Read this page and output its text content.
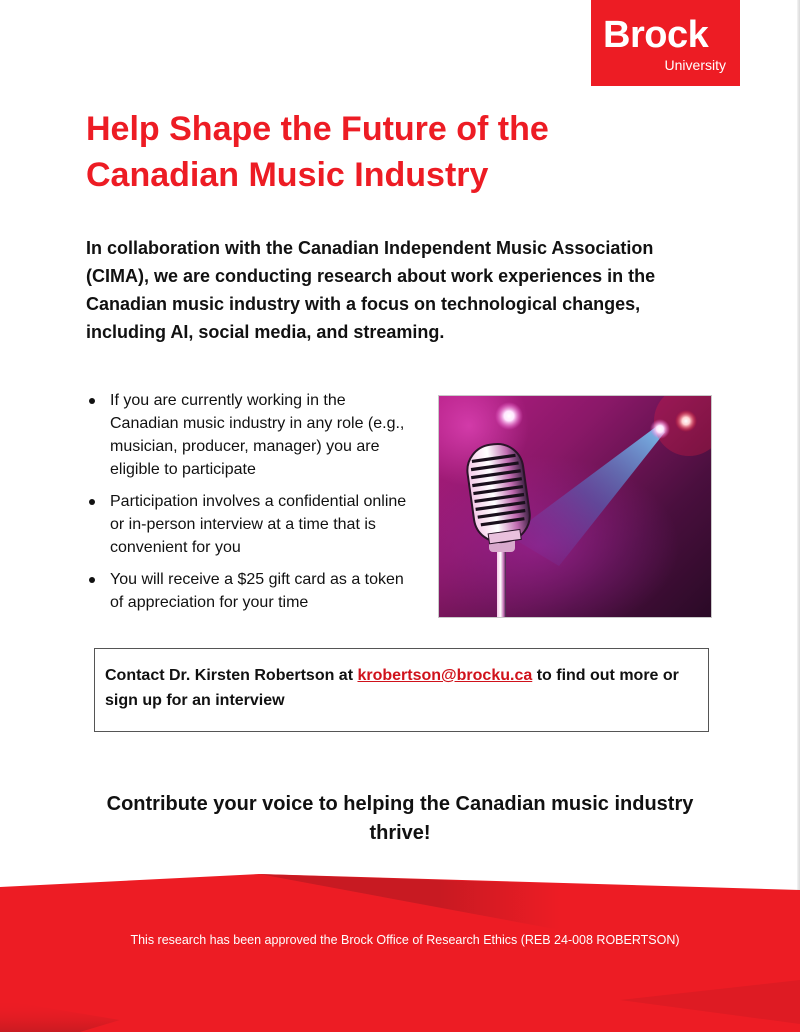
Brock
University
Help Shape the Future of the
Canadian Music Industry

In collaboration with the Canadian Independent Music Association (CIMA), we are conducting research about work experiences in the Canadian music industry with a focus on technological changes, including AI, social media, and streaming.

If you are currently working in the Canadian music industry in any role (e.g., musician, producer, manager) you are eligible to participate
Participation involves a confidential online or in-person interview at a time that is convenient for you
You will receive a $25 gift card as a token of appreciation for your time
Contact Dr. Kirsten Robertson at krobertson@brocku.ca to find out more or sign up for an interview

Contribute your voice to helping the Canadian music industry thrive!

This research has been approved the Brock Office of Research Ethics (REB 24-008 ROBERTSON)
